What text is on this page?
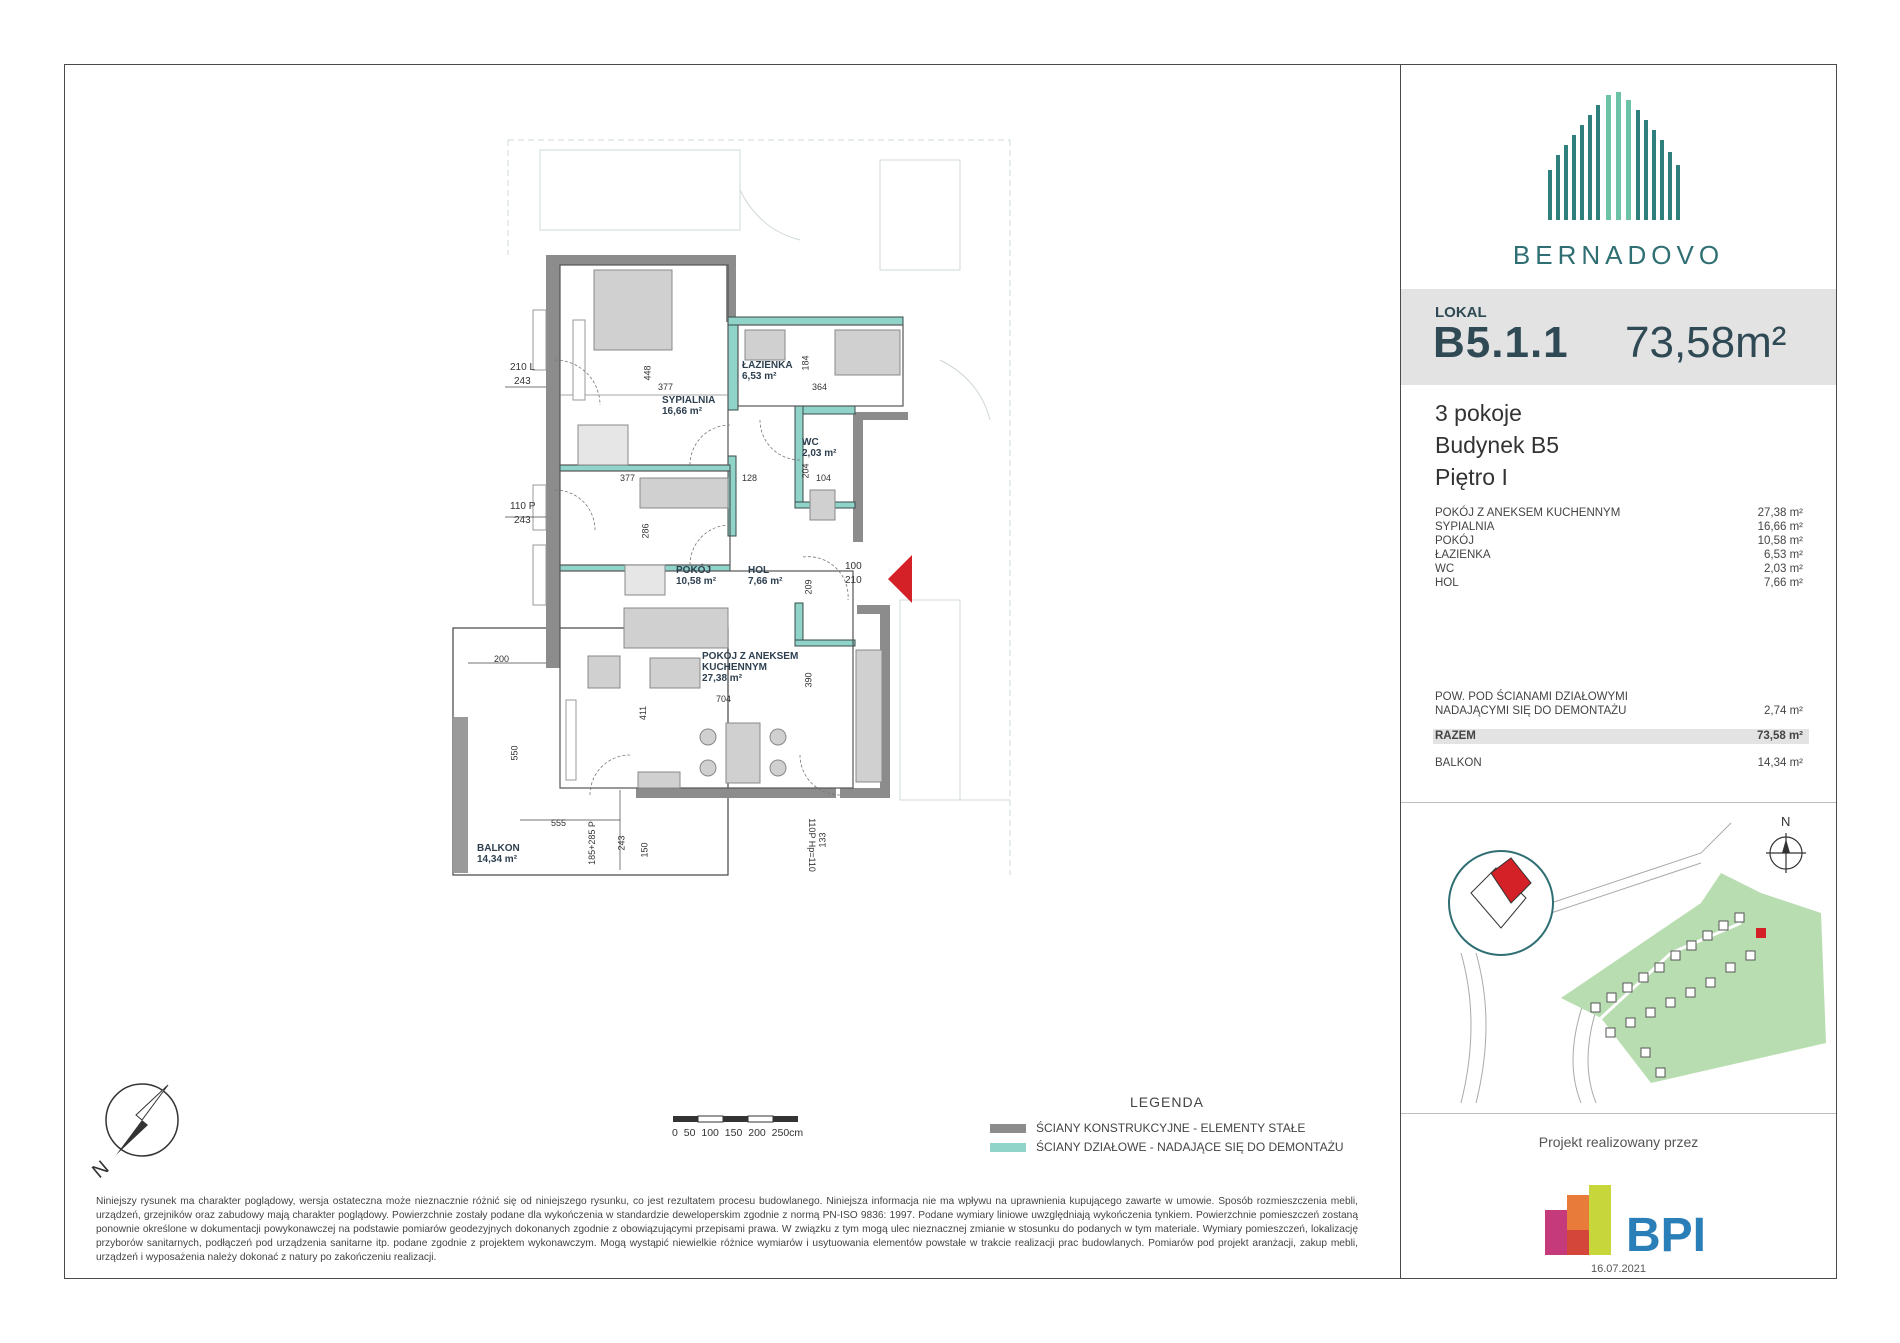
SYPIALNIA
16,66 m²
ŁAZIENKA
6,53 m²
WC
2,03 m²
POKÓJ
10,58 m²
HOL
7,66 m²
POKÓJ Z ANEKSEM
KUCHENNYM
27,38 m²
BALKON
14,34 m²
448
377
184
364
377	128	204 104
286
100
210
209
390
411
704
200
550
555
150
243
185+285 P	110P Hp=110 133
210 L
243
110 P
243
N
0 50 100 150 200 250cm
LEGENDA
ŚCIANY KONSTRUKCYJNE - ELEMENTY STAŁE
ŚCIANY DZIAŁOWE - NADAJĄCE SIĘ DO DEMONTAŻU
Niniejszy rysunek ma charakter poglądowy, wersja ostateczna może nieznacznie różnić się od niniejszego rysunku, co jest rezultatem procesu budowlanego. Niniejsza informacja nie ma wpływu na uprawnienia kupującego zawarte w umowie. Sposób rozmieszczenia mebli, urządzeń, grzejników oraz zabudowy mają charakter poglądowy. Powierzchnie zostały podane dla wykończenia w standardzie deweloperskim zgodnie z normą PN-ISO 9836: 1997. Podane wymiary liniowe uwzględniają wykończenia tynkiem. Powierzchnie pomieszczeń zostaną ponownie określone w dokumentacji powykonawczej na podstawie pomiarów geodezyjnych dokonanych zgodnie z obowiązującymi przepisami prawa. W związku z tym mogą ulec nieznacznej zmianie w stosunku do podanych w tym materiale. Wymiary pomieszczeń, lokalizację przyborów sanitarnych, podłączeń pod urządzenia sanitarne itp. podane zgodnie z projektem wykonawczym. Mogą wystąpić niewielkie różnice wymiarów i usytuowania elementów powstałe w trakcie realizacji prac budowlanych. Pomiarów pod projekt aranżacji, zakup mebli, urządzeń i wyposażenia należy dokonać z natury po zakończeniu realizacji.
BERNADOVO
LOKAL
B5.1.1 73,58m²
3 pokoje
Budynek B5
Piętro I
POKÓJ Z ANEKSEM KUCHENNYM	27,38 m²
SYPIALNIA	16,66 m²
POKÓJ	10,58 m²
ŁAZIENKA	6,53 m²
WC	2,03 m²
HOL	7,66 m²
POW. POD ŚCIANAMI DZIAŁOWYMI
NADAJĄCYMI SIĘ DO DEMONTAŻU	2,74 m²
RAZEM	73,58 m²
BALKON	14,34 m²
N
Projekt realizowany przez
BPI
16.07.2021
